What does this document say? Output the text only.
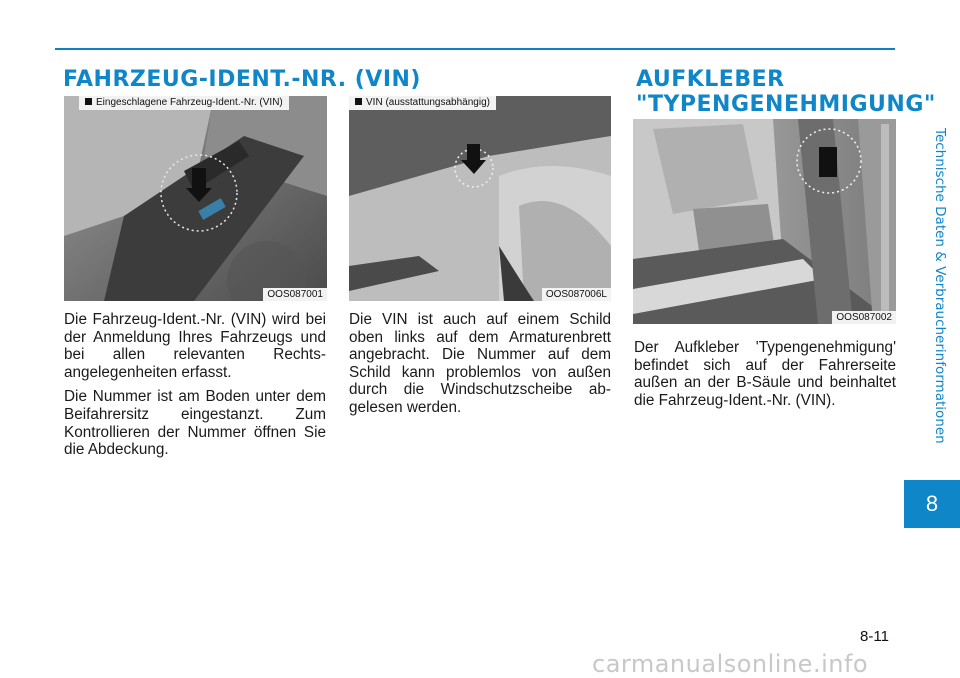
FAHRZEUG-IDENT.-NR. (VIN)
Eingeschlagene Fahrzeug-Ident.-Nr. (VIN)
OOS087001
VIN (ausstattungsabhängig)
OOS087006L

Die Fahrzeug-Ident.-Nr. (VIN) wird bei der Anmeldung Ihres Fahrzeugs und bei allen relevanten Rechts-angelegenheiten erfasst.

Die Nummer ist am Boden unter dem Beifahrersitz eingestanzt. Zum Kontrollieren der Nummer öffnen Sie die Abdeckung.

Die VIN ist auch auf einem Schild oben links auf dem Armaturenbrett angebracht. Die Nummer auf dem Schild kann problemlos von außen durch die Windschutzscheibe ab-gelesen werden.

AUFKLEBER
"TYPENGENEHMIGUNG"
OOS087002

Der Aufkleber 'Typengenehmigung' befindet sich auf der Fahrerseite außen an der B-Säule und beinhaltet die Fahrzeug-Ident.-Nr. (VIN).	Technische Daten & Verbraucherinformationen
8
8-11
carmanualsonline.info
